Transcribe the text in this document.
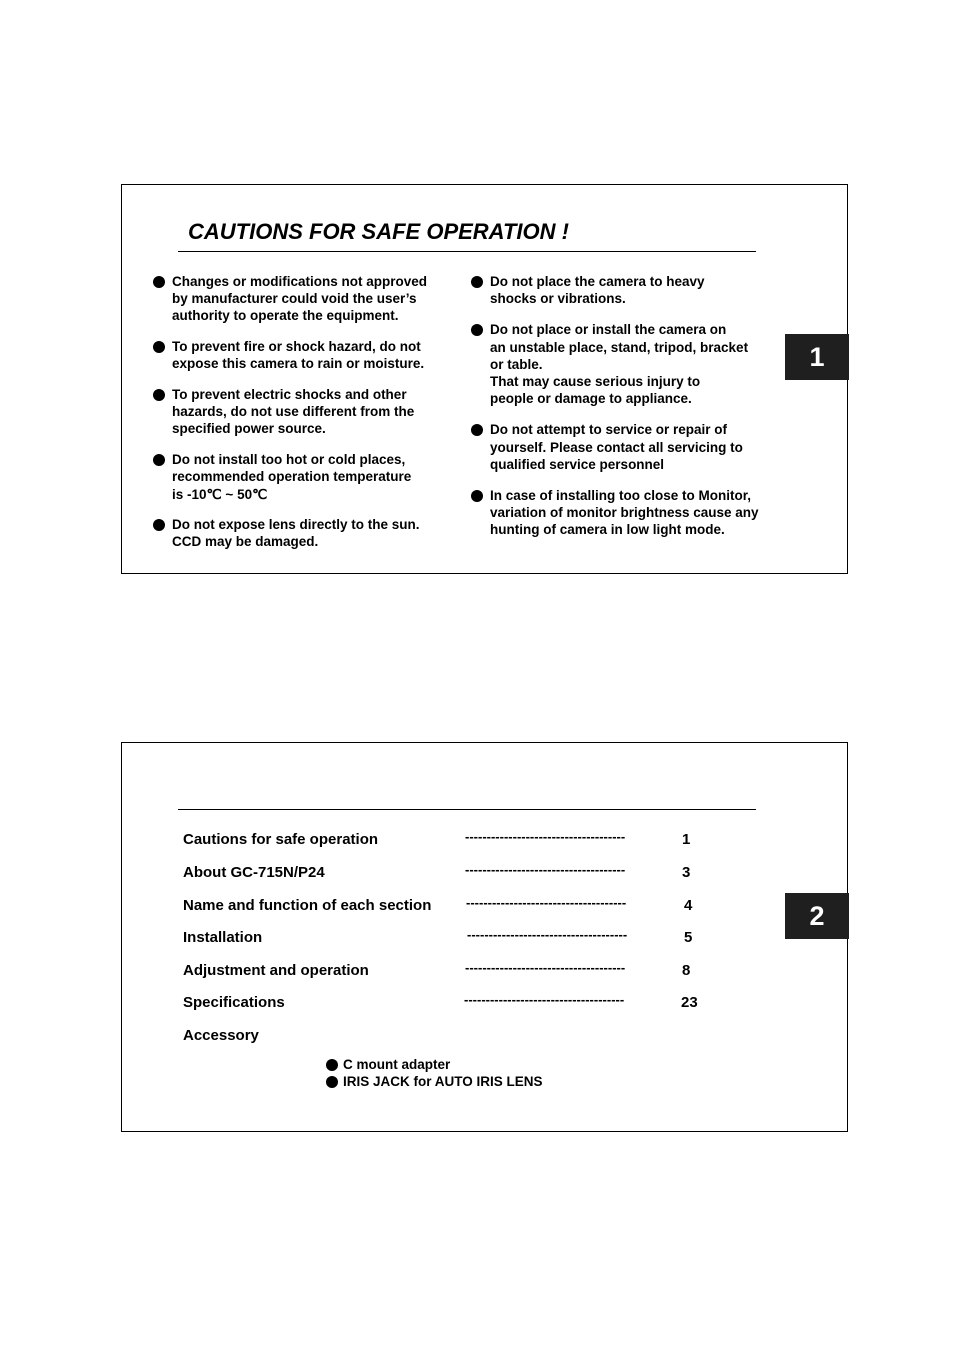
CAUTIONS FOR SAFE OPERATION !
Changes or modifications not approved
by manufacturer could void the user’s
authority to operate the equipment.
To prevent fire or shock hazard, do not
expose this camera to rain or moisture.
To prevent electric shocks and other
hazards, do not use different from the
specified power source.
Do not install too hot or cold places,
recommended operation temperature
is -10℃ ~ 50℃
Do not expose lens directly to the sun.
CCD may be damaged.
Do not place the camera to heavy
shocks or vibrations.
Do not place or install the camera on
an unstable place, stand, tripod, bracket
or table.
That may cause serious injury to
people or damage to appliance.
Do not attempt to service or repair of
yourself. Please contact all servicing to
qualified service personnel
In case of installing too close to Monitor,
variation of monitor brightness cause any
hunting of camera in low light mode.
1
Cautions for safe operation	-------------------------------------	1
About GC-715N/P24	-------------------------------------	3
Name and function of each section	-------------------------------------	4
Installation	-------------------------------------	5
Adjustment and operation	-------------------------------------	8
Specifications	-------------------------------------	23
Accessory
C mount adapter
IRIS JACK for AUTO IRIS LENS
2
